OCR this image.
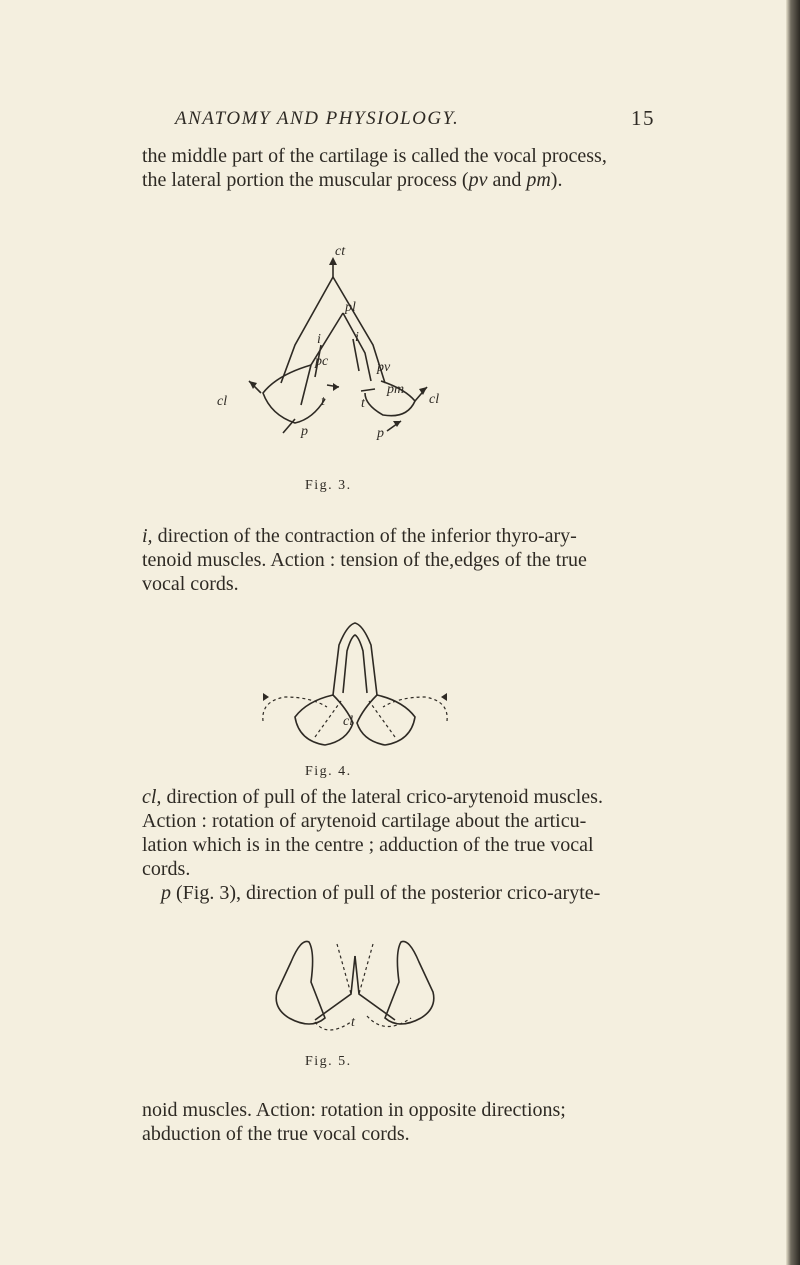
ANATOMY AND PHYSIOLOGY.	15

the middle part of the cartilage is called the vocal process,
the lateral portion the muscular process (pv and pm).

ct
pl
i i
pc	pv
pm
cl	cl
t	t
p	p
Fig. 3.

i, direction of the contraction of the inferior thyro-ary-
tenoid muscles. Action : tension of the,edges of the true
vocal cords.

cl
Fig. 4.

cl, direction of pull of the lateral crico-arytenoid muscles.
Action : rotation of arytenoid cartilage about the articu-
lation which is in the centre ; adduction of the true vocal
cords.
p (Fig. 3), direction of pull of the posterior crico-aryte-

t
Fig. 5.

noid muscles. Action: rotation in opposite directions;
abduction of the true vocal cords.
